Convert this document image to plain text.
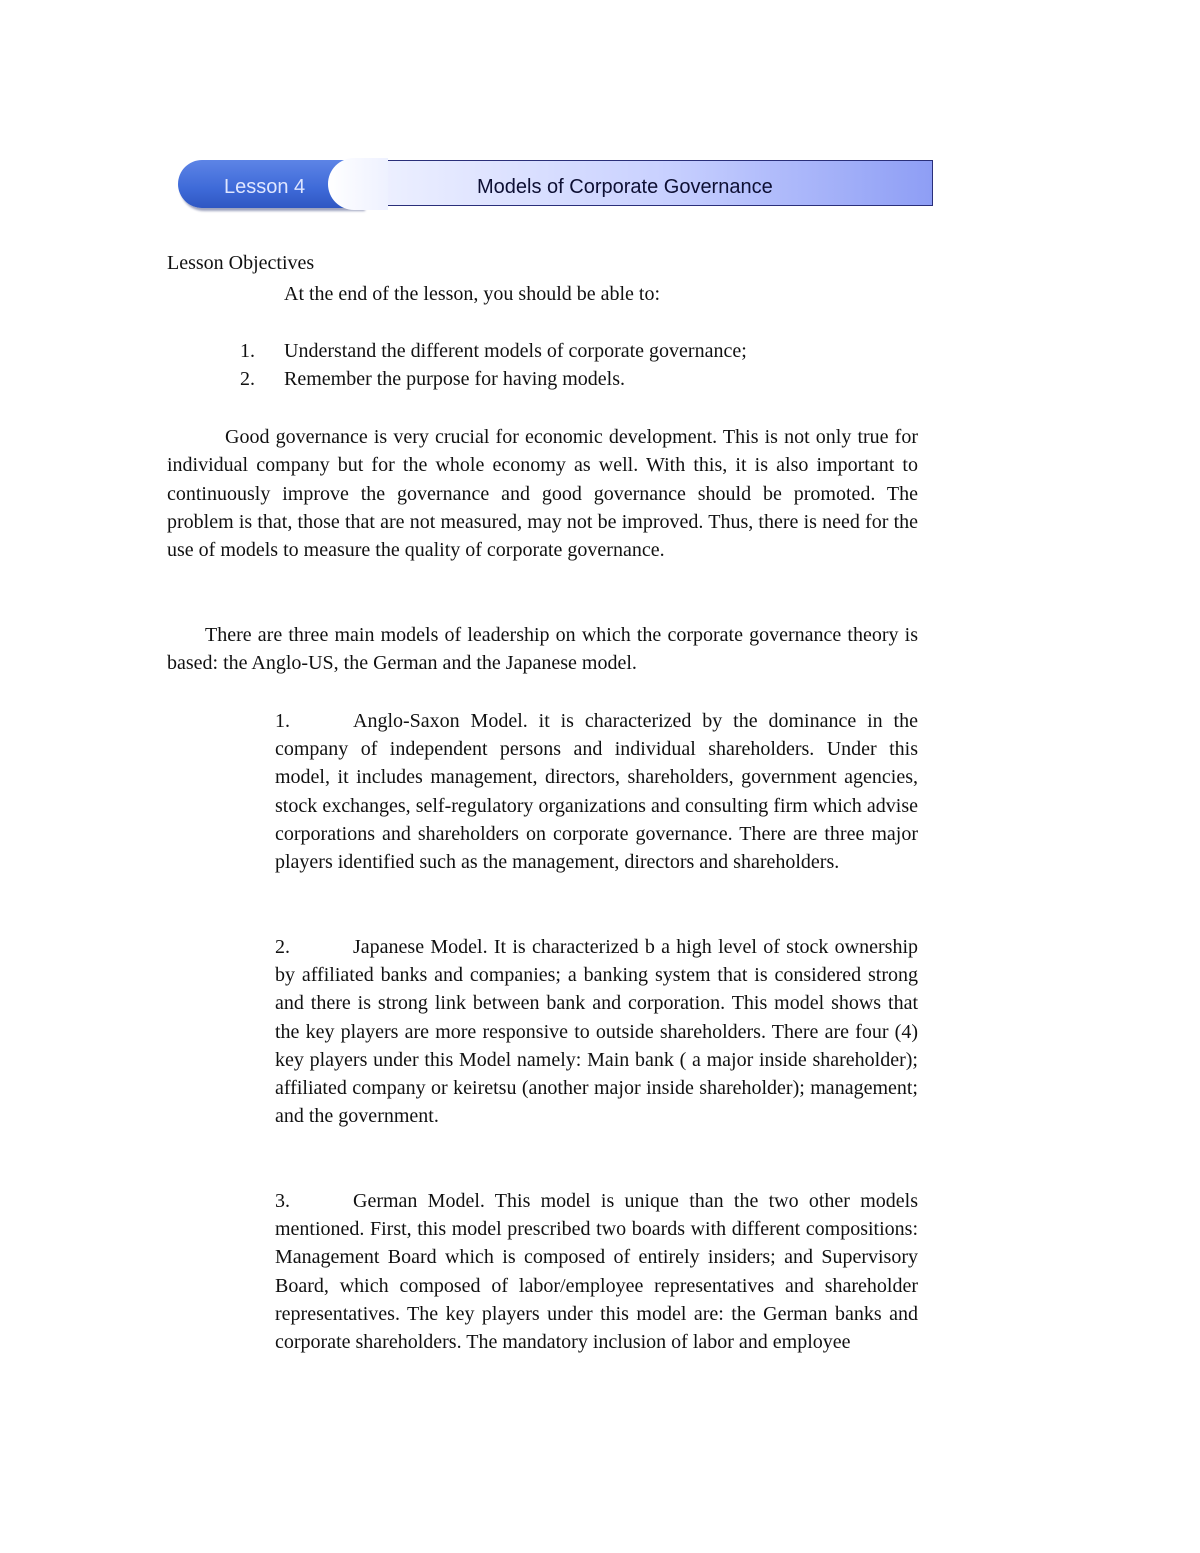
Lesson 4	Models of Corporate Governance
Lesson Objectives
At the end of the lesson, you should be able to:
1.	Understand the different models of corporate governance;
2.	Remember the purpose for having models.

Good governance is very crucial for economic development. This is not only true for individual company but for the whole economy as well. With this, it is also important to continuously improve the governance and good governance should be promoted. The problem is that, those that are not measured, may not be improved. Thus, there is need for the use of models to measure the quality of corporate governance.

There are three main models of leadership on which the corporate governance theory is based: the Anglo-US, the German and the Japanese model.

1.	Anglo-Saxon Model. it is characterized by the dominance in the company of independent persons and individual shareholders. Under this model, it includes management, directors, shareholders, government agencies, stock exchanges, self-regulatory organizations and consulting firm which advise corporations and shareholders on corporate governance. There are three major players identified such as the management, directors and shareholders.
2.	Japanese Model. It is characterized b a high level of stock ownership by affiliated banks and companies; a banking system that is considered strong and there is strong link between bank and corporation. This model shows that the key players are more responsive to outside shareholders. There are four (4) key players under this Model namely: Main bank ( a major inside shareholder); affiliated company or keiretsu (another major inside shareholder); management; and the government.
3.	German Model. This model is unique than the two other models mentioned. First, this model prescribed two boards with different compositions: Management Board which is composed of entirely insiders; and Supervisory Board, which composed of labor/employee representatives and shareholder representatives. The key players under this model are: the German banks and corporate shareholders. The mandatory inclusion of labor and employee
